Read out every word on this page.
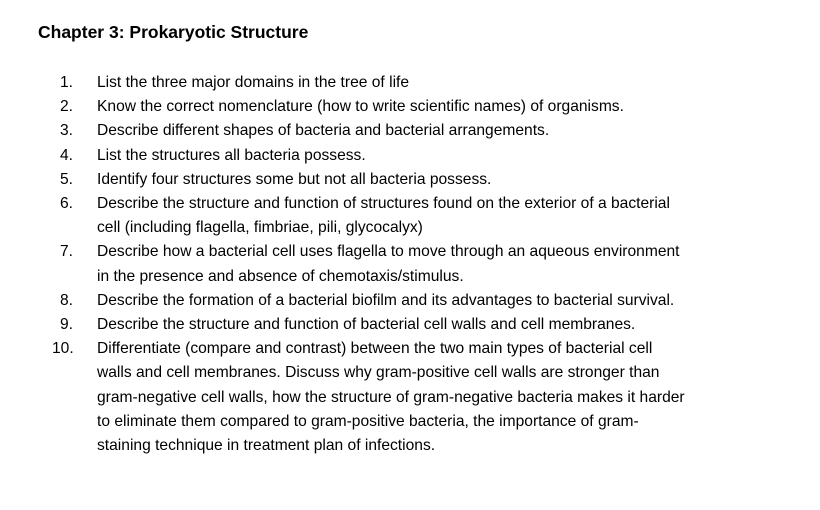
Chapter 3: Prokaryotic Structure
1.	List the three major domains in the tree of life
2.	Know the correct nomenclature (how to write scientific names) of organisms.
3.	Describe different shapes of bacteria and bacterial arrangements.
4.	List the structures all bacteria possess.
5.	Identify four structures some but not all bacteria possess.
6.	Describe the structure and function of structures found on the exterior of a bacterial
cell (including flagella, fimbriae, pili, glycocalyx)
7.	Describe how a bacterial cell uses flagella to move through an aqueous environment
in the presence and absence of chemotaxis/stimulus.
8.	Describe the formation of a bacterial biofilm and its advantages to bacterial survival.
9.	Describe the structure and function of bacterial cell walls and cell membranes.
10.	Differentiate (compare and contrast) between the two main types of bacterial cell
walls and cell membranes. Discuss why gram-positive cell walls are stronger than
gram-negative cell walls, how the structure of gram-negative bacteria makes it harder
to eliminate them compared to gram-positive bacteria, the importance of gram-
staining technique in treatment plan of infections.
